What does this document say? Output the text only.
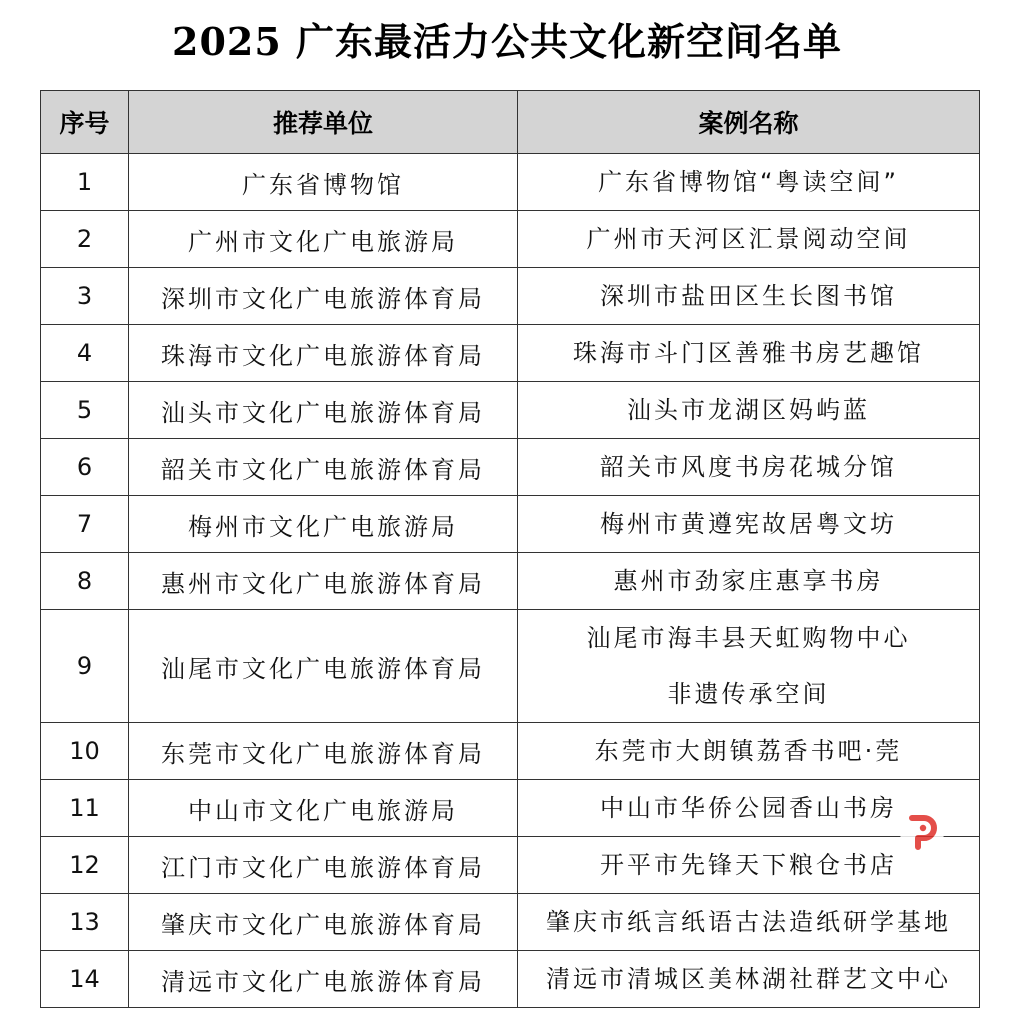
2025 广东最活力公共文化新空间名单
序号	推荐单位	案例名称
1	广东省博物馆	广东省博物馆“粤读空间”

2	广州市文化广电旅游局	广州市天河区汇景阅动空间

3	深圳市文化广电旅游体育局	深圳市盐田区生长图书馆

4	珠海市文化广电旅游体育局	珠海市斗门区善雅书房艺趣馆

5	汕头市文化广电旅游体育局	汕头市龙湖区妈屿蓝

6	韶关市文化广电旅游体育局	韶关市风度书房花城分馆

7	梅州市文化广电旅游局	梅州市黄遵宪故居粤文坊

8	惠州市文化广电旅游体育局	惠州市劲家庄惠享书房

9	汕尾市文化广电旅游体育局	汕尾市海丰县天虹购物中心
非遗传承空间

10	东莞市文化广电旅游体育局	东莞市大朗镇荔香书吧·莞

11	中山市文化广电旅游局	中山市华侨公园香山书房

12	江门市文化广电旅游体育局	开平市先锋天下粮仓书店

13	肇庆市文化广电旅游体育局	肇庆市纸言纸语古法造纸研学基地

14	清远市文化广电旅游体育局	清远市清城区美林湖社群艺文中心
